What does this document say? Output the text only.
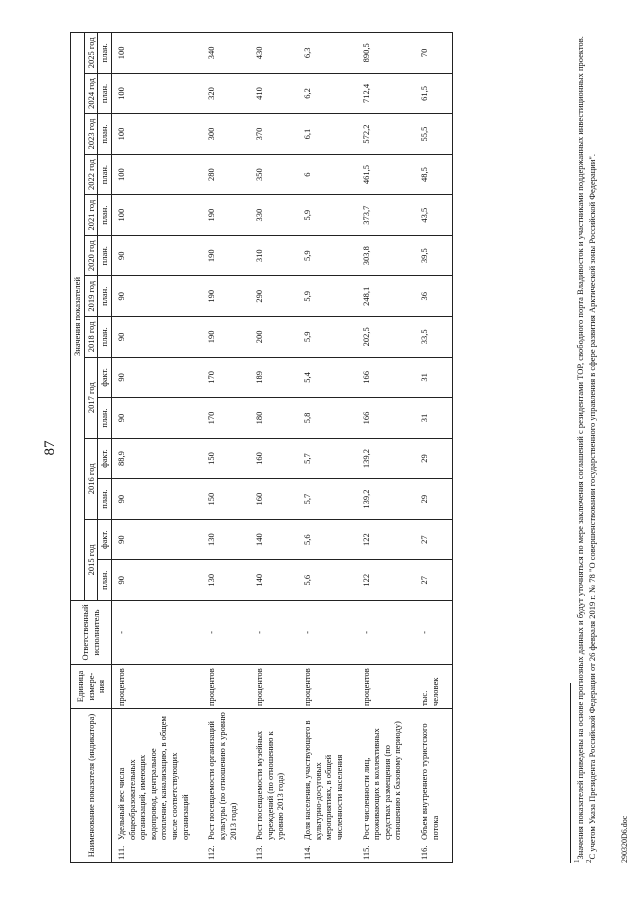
87
Наименование показателя (индикатора)	Единица измере-ния	Ответственный исполнитель	Значения показателей													
			2015 год		2016 год		2017 год		2018 год	2019 год	2020 год	2021 год	2022 год	2023 год	2024 год	2025 год
			план.	факт.	план.	факт.	план.	факт.	план.	план.	план.	план.	план.	план.	план.	план.

111.
Удельный вес числа общеобразовательных организаций, имеющих водопровод, центральное отопление, канализацию, в общем числе соответствующих организаций	процентов	-	90	90	90	88,9	90	90	90	90	90	100	100	100	100	100

112.
Рост посещаемости организаций культуры (по отношению к уровню 2013 года)	процентов	-	130	130	150	150	170	170	190	190	190	190	280	300	320	340

113.
Рост посещаемости музейных учреждений (по отношению к уровню 2013 года)	процентов	-	140	140	160	160	180	189	200	290	310	330	350	370	410	430

114.
Доля населения, участвующего в культурно-досуговых мероприятиях, в общей численности населения	процентов	-	5,6	5,6	5,7	5,7	5,8	5,4	5,9	5,9	5,9	5,9	6	6,1	6,2	6,3

115.
Рост численности лиц, проживающих в коллективных средствах размещения (по отношению к базовому периоду)	процентов	-	122	122	139,2	139,2	166	166	202,5	248,1	303,8	373,7	461,5	572,2	712,4	890,5

116.
Объем внутреннего туристского потока	тыс. человек	-	27	27	29	29	31	31	33,5	36	39,5	43,5	48,5	55,5	61,5	70

$^1$Значения показателей приведены на основе прогнозных данных и будут уточняться по мере заключения соглашений с резидентами ТОР, свободного порта Владивосток и участниками поддержанных инвестиционных проектов.

$^2$С учетом Указа Президента Российской Федерации от 26 февраля 2019 г. № 78 "О совершенствовании государственного управления в сфере развития Арктической зоны Российской Федерации".	290320D6.doc
